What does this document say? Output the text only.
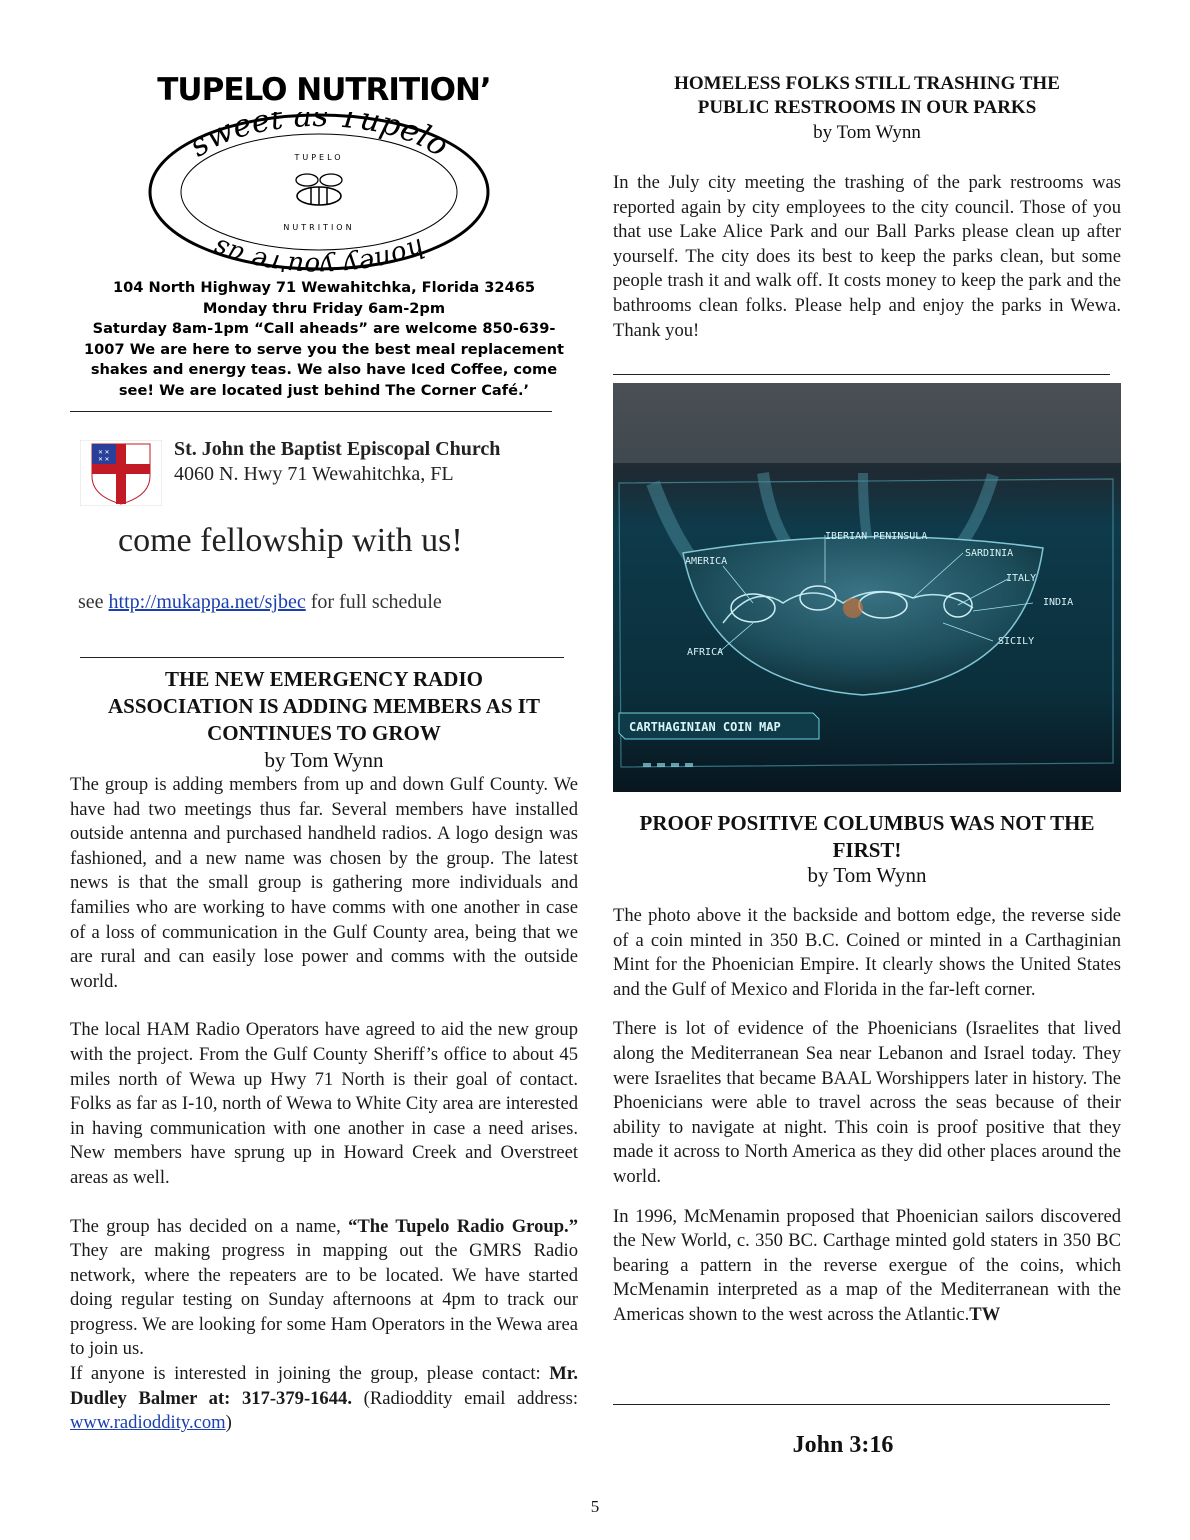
TUPELO NUTRITION’
sweet as Tupelo
honey you're as
TUPELO
NUTRITION
104 North Highway 71 Wewahitchka, Florida 32465
Monday thru Friday 6am-2pm
Saturday 8am-1pm “Call aheads” are welcome 850-639-
1007 We are here to serve you the best meal replacement
shakes and energy teas. We also have Iced Coffee, come
see! We are located just behind The Corner Café.’
✕ ✕
✕ ✕	St. John the Baptist Episcopal Church
4060 N. Hwy 71 Wewahitchka, FL
come fellowship with us!
see http://mukappa.net/sjbec for full schedule
THE NEW EMERGENCY RADIO
ASSOCIATION IS ADDING MEMBERS AS IT
CONTINUES TO GROW
by Tom Wynn

The group is adding members from up and down Gulf County. We have had two meetings thus far. Several members have installed outside antenna and purchased handheld radios. A logo design was fashioned, and a new name was chosen by the group. The latest news is that the small group is gathering more individuals and families who are working to have comms with one another in case of a loss of communication in the Gulf County area, being that we are rural and can easily lose power and comms with the outside world.

The local HAM Radio Operators have agreed to aid the new group with the project. From the Gulf County Sheriff’s office to about 45 miles north of Wewa up Hwy 71 North is their goal of contact. Folks as far as I-10, north of Wewa to White City area are interested in having communication with one another in case a need arises. New members have sprung up in Howard Creek and Overstreet areas as well.

The group has decided on a name, “The Tupelo Radio Group.” They are making progress in mapping out the GMRS Radio network, where the repeaters are to be located. We have started doing regular testing on Sunday afternoons at 4pm to track our progress. We are looking for some Ham Operators in the Wewa area to join us.

If anyone is interested in joining the group, please contact: Mr. Dudley Balmer at: 317-379-1644. (Radioddity email address: www.radioddity.com)

HOMELESS FOLKS STILL TRASHING THE
PUBLIC RESTROOMS IN OUR PARKS
by Tom Wynn
In the July city meeting the trashing of the park restrooms was reported again by city employees to the city council. Those of you that use Lake Alice Park and our Ball Parks please clean up after yourself. The city does its best to keep the parks clean, but some people trash it and walk off. It costs money to keep the park and the bathrooms clean folks. Please help and enjoy the parks in Wewa. Thank you!
IBERIAN PENINSULA
AMERICA
SARDINIA
ITALY
INDIA
SICILY
AFRICA
CARTHAGINIAN COIN MAP
PROOF POSITIVE COLUMBUS WAS NOT THE
FIRST!
by Tom Wynn

The photo above it the backside and bottom edge, the reverse side of a coin minted in 350 B.C. Coined or minted in a Carthaginian Mint for the Phoenician Empire. It clearly shows the United States and the Gulf of Mexico and Florida in the far-left corner.

There is lot of evidence of the Phoenicians (Israelites that lived along the Mediterranean Sea near Lebanon and Israel today. They were Israelites that became BAAL Worshippers later in history. The Phoenicians were able to travel across the seas because of their ability to navigate at night. This coin is proof positive that they made it across to North America as they did other places around the world.

In 1996, McMenamin proposed that Phoenician sailors discovered the New World, c. 350 BC. Carthage minted gold staters in 350 BC bearing a pattern in the reverse exergue of the coins, which McMenamin interpreted as a map of the Mediterranean with the Americas shown to the west across the Atlantic.TW

John 3:16
5
